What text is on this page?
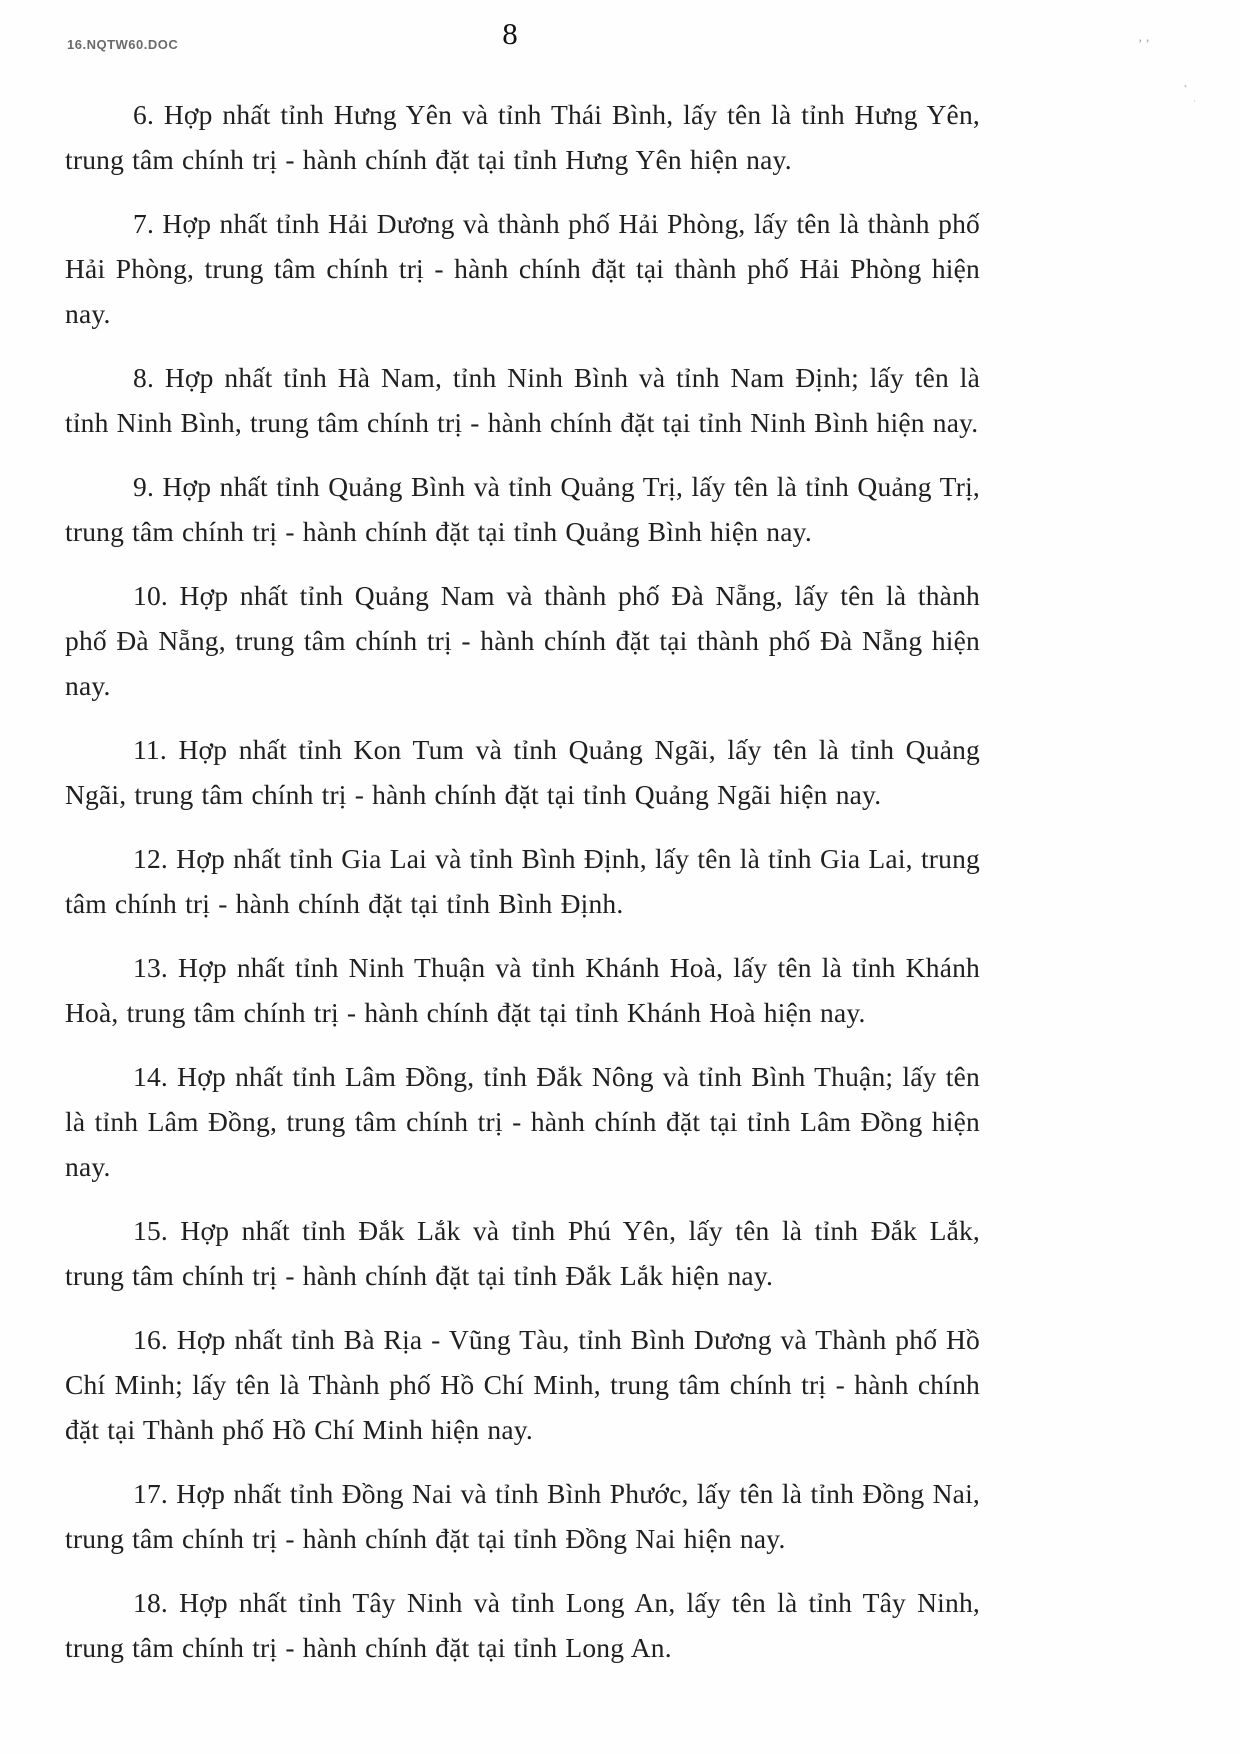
16.NQTW60.DOC	8	’’
˛
·

6. Hợp nhất tỉnh Hưng Yên và tỉnh Thái Bình, lấy tên là tỉnh Hưng Yên, trung tâm chính trị - hành chính đặt tại tỉnh Hưng Yên hiện nay.

7. Hợp nhất tỉnh Hải Dương và thành phố Hải Phòng, lấy tên là thành phố Hải Phòng, trung tâm chính trị - hành chính đặt tại thành phố Hải Phòng hiện nay.

8. Hợp nhất tỉnh Hà Nam, tỉnh Ninh Bình và tỉnh Nam Định; lấy tên là tỉnh Ninh Bình, trung tâm chính trị - hành chính đặt tại tỉnh Ninh Bình hiện nay.

9. Hợp nhất tỉnh Quảng Bình và tỉnh Quảng Trị, lấy tên là tỉnh Quảng Trị, trung tâm chính trị - hành chính đặt tại tỉnh Quảng Bình hiện nay.

10. Hợp nhất tỉnh Quảng Nam và thành phố Đà Nẵng, lấy tên là thành phố Đà Nẵng, trung tâm chính trị - hành chính đặt tại thành phố Đà Nẵng hiện nay.

11. Hợp nhất tỉnh Kon Tum và tỉnh Quảng Ngãi, lấy tên là tỉnh Quảng Ngãi, trung tâm chính trị - hành chính đặt tại tỉnh Quảng Ngãi hiện nay.

12. Hợp nhất tỉnh Gia Lai và tỉnh Bình Định, lấy tên là tỉnh Gia Lai, trung tâm chính trị - hành chính đặt tại tỉnh Bình Định.

13. Hợp nhất tỉnh Ninh Thuận và tỉnh Khánh Hoà, lấy tên là tỉnh Khánh Hoà, trung tâm chính trị - hành chính đặt tại tỉnh Khánh Hoà hiện nay.

14. Hợp nhất tỉnh Lâm Đồng, tỉnh Đắk Nông và tỉnh Bình Thuận; lấy tên là tỉnh Lâm Đồng, trung tâm chính trị - hành chính đặt tại tỉnh Lâm Đồng hiện nay.

15. Hợp nhất tỉnh Đắk Lắk và tỉnh Phú Yên, lấy tên là tỉnh Đắk Lắk, trung tâm chính trị - hành chính đặt tại tỉnh Đắk Lắk hiện nay.

16. Hợp nhất tỉnh Bà Rịa - Vũng Tàu, tỉnh Bình Dương và Thành phố Hồ Chí Minh; lấy tên là Thành phố Hồ Chí Minh, trung tâm chính trị - hành chính đặt tại Thành phố Hồ Chí Minh hiện nay.

17. Hợp nhất tỉnh Đồng Nai và tỉnh Bình Phước, lấy tên là tỉnh Đồng Nai, trung tâm chính trị - hành chính đặt tại tỉnh Đồng Nai hiện nay.

18. Hợp nhất tỉnh Tây Ninh và tỉnh Long An, lấy tên là tỉnh Tây Ninh, trung tâm chính trị - hành chính đặt tại tỉnh Long An.
